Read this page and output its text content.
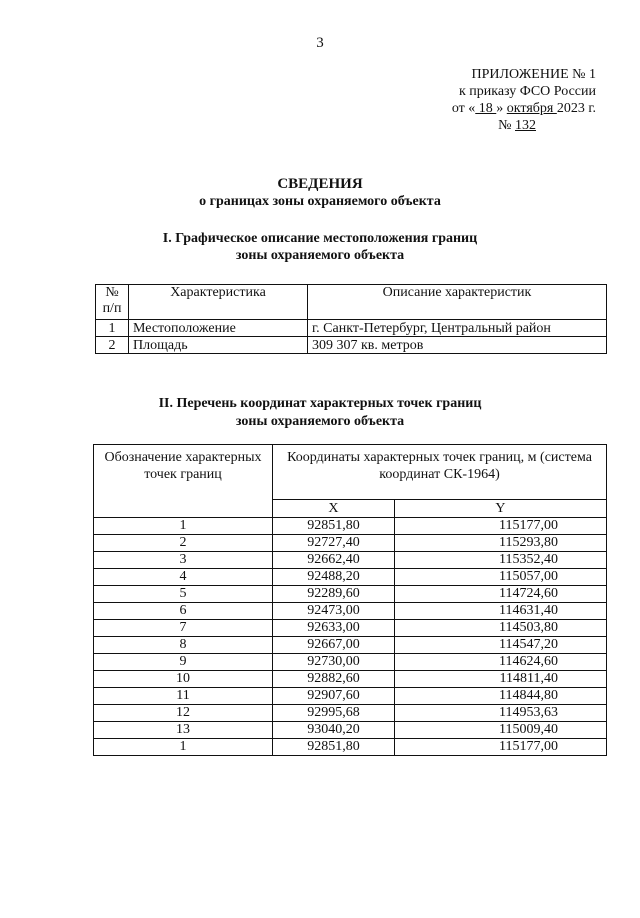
3
ПРИЛОЖЕНИЕ № 1
к приказу ФСО России
от « 18 » октября 2023 г.
№ 132
СВЕДЕНИЯ
о границах зоны охраняемого объекта
I. Графическое описание местоположения границ
зоны охраняемого объекта
№ п/п	Характеристика	Описание характеристик
1	Местоположение	г. Санкт-Петербург, Центральный район
2	Площадь	309 307 кв. метров
II. Перечень координат характерных точек границ
зоны охраняемого объекта
Обозначение характерных точек границ	Координаты характерных точек границ, м (система координат СК-1964)	
	X	Y
1	92851,80	115177,00
2	92727,40	115293,80
3	92662,40	115352,40
4	92488,20	115057,00
5	92289,60	114724,60
6	92473,00	114631,40
7	92633,00	114503,80
8	92667,00	114547,20
9	92730,00	114624,60
10	92882,60	114811,40
11	92907,60	114844,80
12	92995,68	114953,63
13	93040,20	115009,40
1	92851,80	115177,00
